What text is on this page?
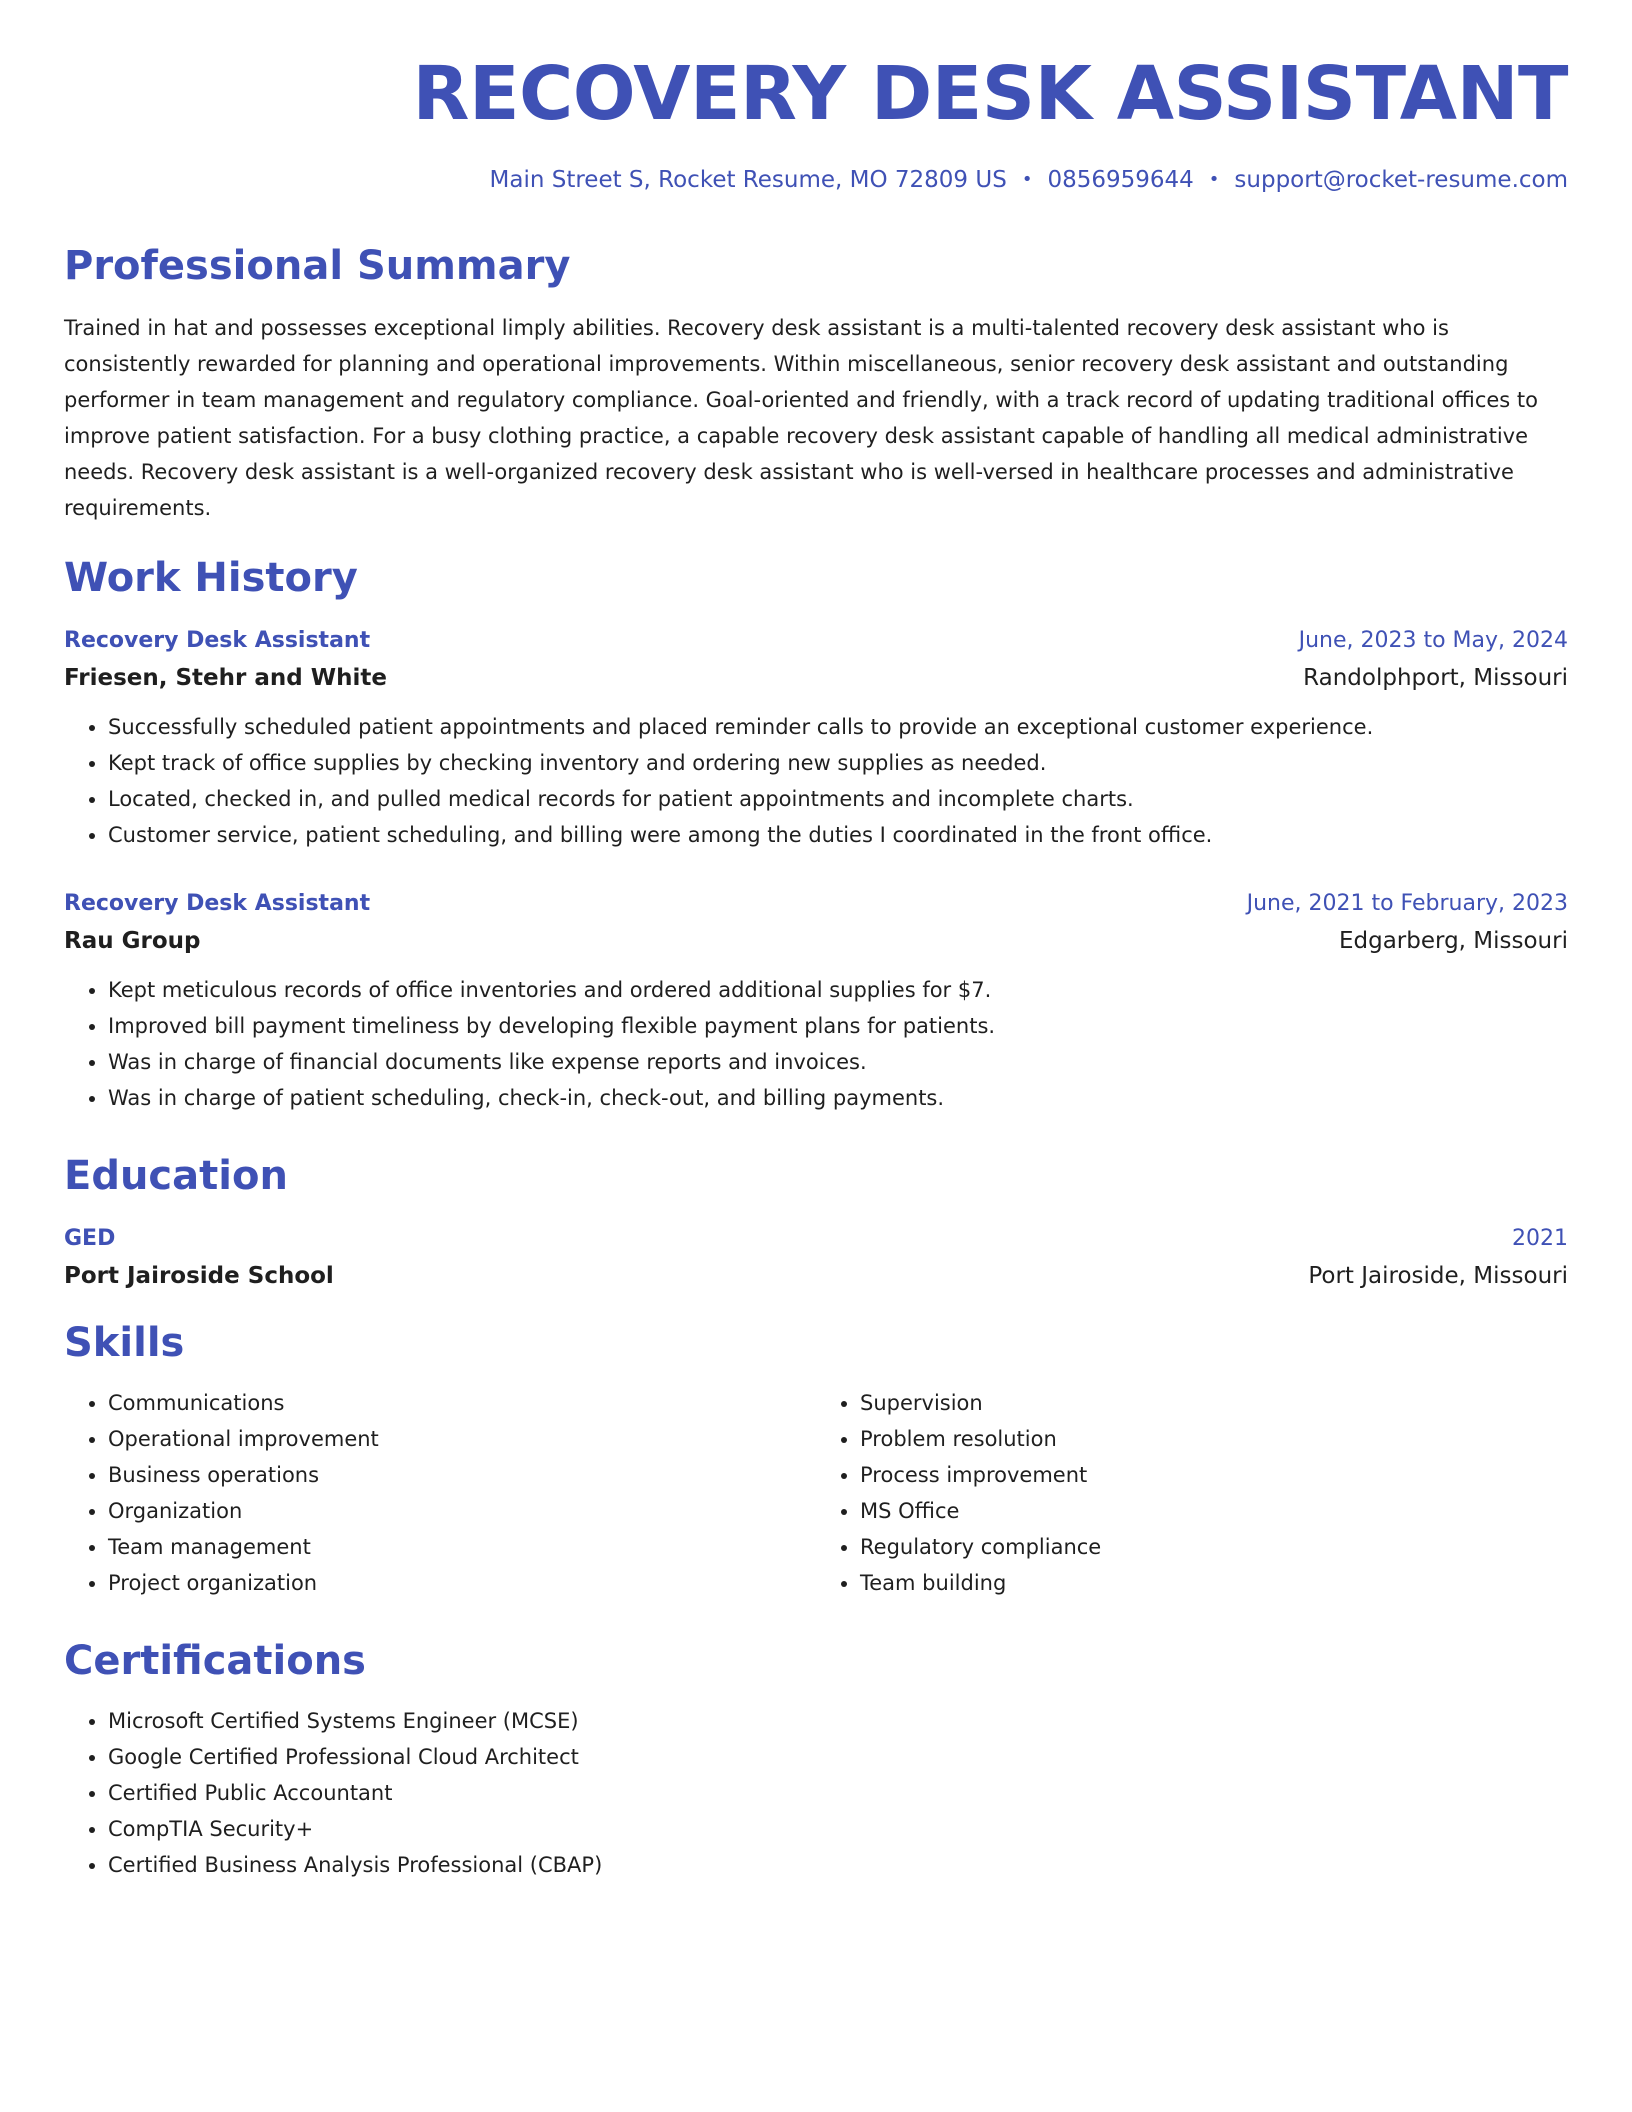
RECOVERY DESK ASSISTANT
Main Street S, Rocket Resume, MO 72809 US • 0856959644 • support@rocket-resume.com
Professional Summary
Trained in hat and possesses exceptional limply abilities. Recovery desk assistant is a multi-talented recovery desk assistant who is consistently rewarded for planning and operational improvements. Within miscellaneous, senior recovery desk assistant and outstanding performer in team management and regulatory compliance. Goal-oriented and friendly, with a track record of updating traditional offices to improve patient satisfaction. For a busy clothing practice, a capable recovery desk assistant capable of handling all medical administrative needs. Recovery desk assistant is a well-organized recovery desk assistant who is well-versed in healthcare processes and administrative requirements.
Work History
Recovery Desk Assistant	June, 2023 to May, 2024
Friesen, Stehr and White	Randolphport, Missouri
• Successfully scheduled patient appointments and placed reminder calls to provide an exceptional customer experience.
• Kept track of office supplies by checking inventory and ordering new supplies as needed.
• Located, checked in, and pulled medical records for patient appointments and incomplete charts.
• Customer service, patient scheduling, and billing were among the duties I coordinated in the front office.
Recovery Desk Assistant	June, 2021 to February, 2023
Rau Group	Edgarberg, Missouri
• Kept meticulous records of office inventories and ordered additional supplies for $7.
• Improved bill payment timeliness by developing flexible payment plans for patients.
• Was in charge of financial documents like expense reports and invoices.
• Was in charge of patient scheduling, check-in, check-out, and billing payments.
Education
GED	2021
Port Jairoside School	Port Jairoside, Missouri
Skills
• Communications
• Operational improvement
• Business operations
• Organization
• Team management
• Project organization
• Supervision
• Problem resolution
• Process improvement
• MS Office
• Regulatory compliance
• Team building
Certifications
• Microsoft Certified Systems Engineer (MCSE)
• Google Certified Professional Cloud Architect
• Certified Public Accountant
• CompTIA Security+
• Certified Business Analysis Professional (CBAP)
